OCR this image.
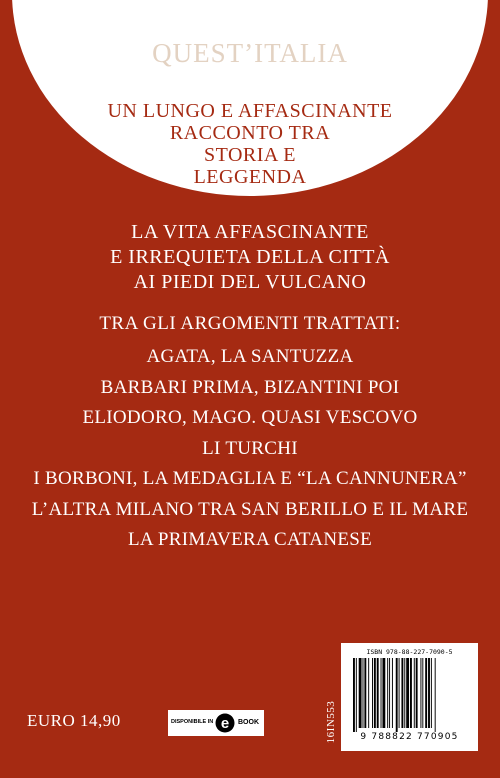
QUEST’ITALIA
UN LUNGO E AFFASCINANTE
RACCONTO TRA
STORIA E
LEGGENDA
LA VITA AFFASCINANTE
E IRREQUIETA DELLA CITTÀ
AI PIEDI DEL VULCANO
TRA GLI ARGOMENTI TRATTATI:
AGATA, LA SANTUZZA
BARBARI PRIMA, BIZANTINI POI
ELIODORO, MAGO. QUASI VESCOVO
LI TURCHI
I BORBONI, LA MEDAGLIA E “LA CANNUNERA”
L’ALTRA MILANO TRA SAN BERILLO E IL MARE
LA PRIMAVERA CATANESE
EURO 14,90	DISPONIBILE IN e BOOK	16IN553
ISBN 978-88-227-7090-5
9 788822 770905
